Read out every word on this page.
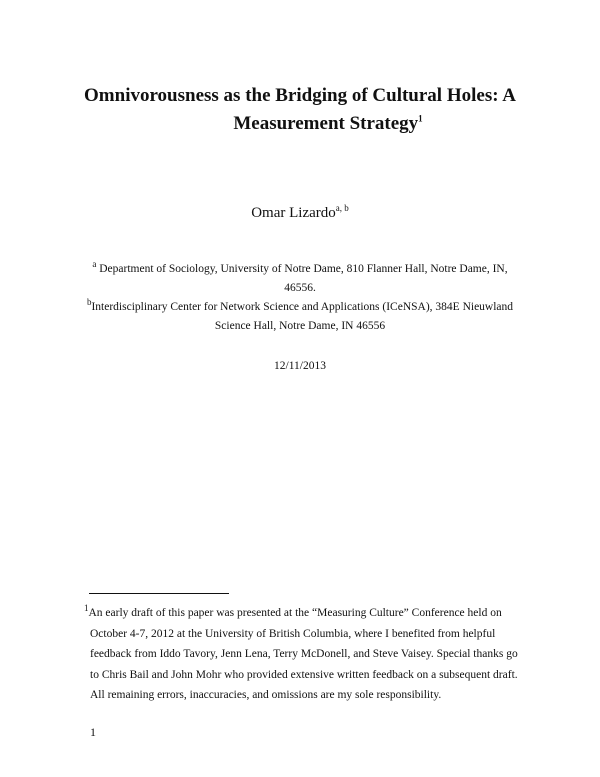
Omnivorousness as the Bridging of Cultural Holes: A
Measurement Strategy$^1$
Omar Lizardo$^{a, b}$
$^a$ Department of Sociology, University of Notre Dame, 810 Flanner Hall, Notre Dame, IN,
46556.
$^b$Interdisciplinary Center for Network Science and Applications (ICeNSA), 384E Nieuwland
Science Hall, Notre Dame, IN 46556
12/11/2013
$^1$An early draft of this paper was presented at the “Measuring Culture” Conference held on
October 4-7, 2012 at the University of British Columbia, where I benefited from helpful
feedback from Iddo Tavory, Jenn Lena, Terry McDonell, and Steve Vaisey. Special thanks go
to Chris Bail and John Mohr who provided extensive written feedback on a subsequent draft.
All remaining errors, inaccuracies, and omissions are my sole responsibility.
1
